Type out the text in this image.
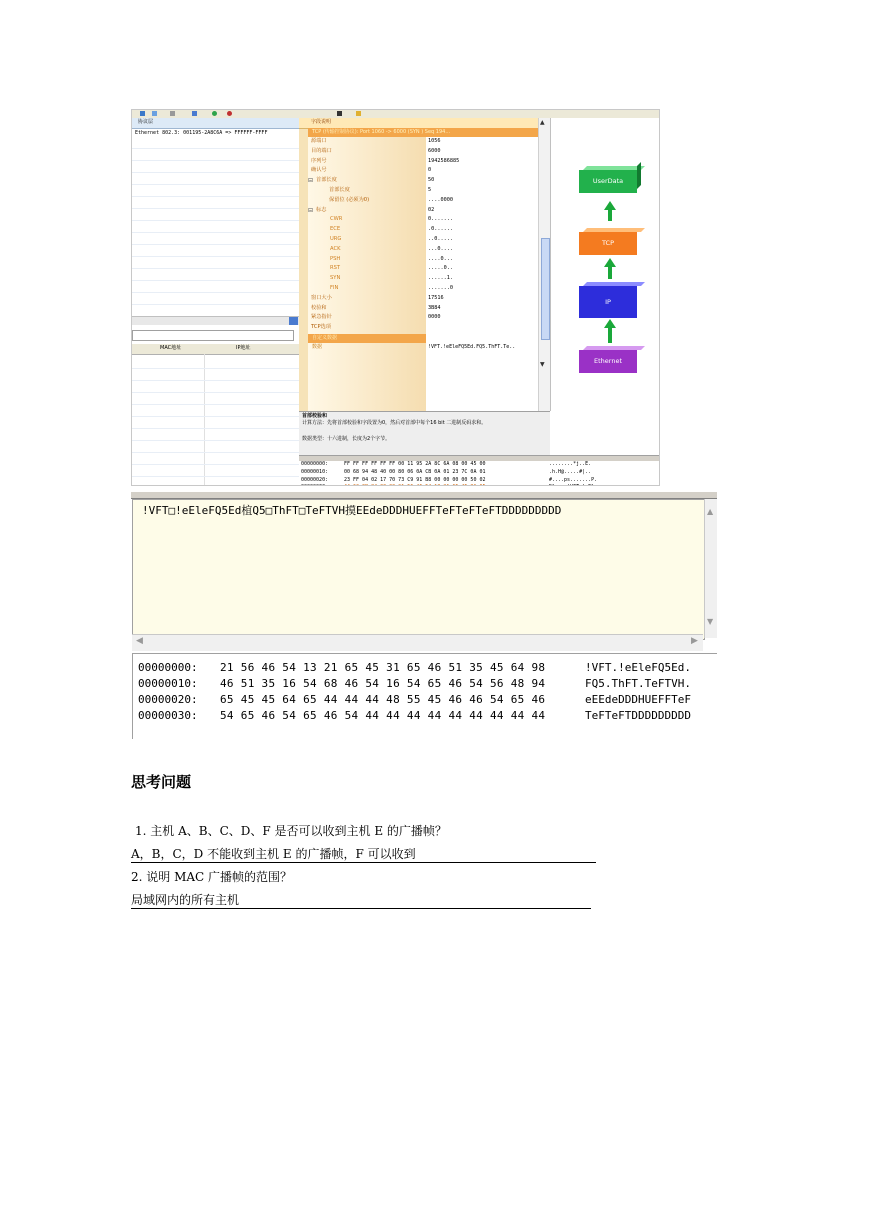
协议层
Ethernet 802.3: 001195-2A8C6A => FFFFFF-FFFF
MAC地址	IP地址
字段说明
TCP (传输控制协议): Port 1060 -> 6000 (SYN ) Seq 194...
源端口	1056
目的端口	6000
序列号	1942586885
确认号	0
⊟ 首部长度	50
首部长度	5
保留位 (必须为0)	....0000
⊟ 标志	02
CWR	0.......
ECE	.0......
URG	..0.....
ACK	...0....
PSH	....0...
RST	.....0..
SYN	......1.
FIN	.......0
窗口大小	17516
校验和	3B84
紧急指针	0000
TCP选项
自定义数据
数据	!VFT.!eEleFQ5Ed.FQ5.ThFT.Te..
▲
▼
首部校验和
计算方法：先将首部校验和字段置为0，然后对首部中每个16 bit 二进制反码求和。
数据类型：十六进制，长度为2个字节。
00000000:	FF FF FF FF FF FF 00 11 95 2A 8C 6A 08 00 45 00	........*j..E.
00000010:	00 68 94 48 40 00 80 06 0A CB 0A 01 23 7C 0A 01	.h.H@.....#|..
00000020:	23 FF 04 02 17 70 73 C9 91 B8 00 00 00 00 50 02	#....ps.......P.
UserData
TCP
IP
Ethernet
!VFT□!eEleFQ5Ed椬Q5□ThFT□TeFTVH摸EEdeDDDHUEFFTeFTeFTeFTDDDDDDDDD	▲
▼
◀	▶
00000000: 21 56 46 54 13 21 65 45 31 65 46 51 35 45 64 98	!VFT.!eEleFQ5Ed.
00000010: 46 51 35 16 54 68 46 54 16 54 65 46 54 56 48 94	FQ5.ThFT.TeFTVH.
00000020: 65 45 45 64 65 44 44 44 48 55 45 46 46 54 65 46	eEEdeDDDHUEFFTeF
00000030: 54 65 46 54 65 46 54 44 44 44 44 44 44 44 44 44	TeFTeFTDDDDDDDDD
思考问题
1. 主机 A、B、C、D、F 是否可以收到主机 E 的广播帧？
A，B，C，D 不能收到主机 E 的广播帧，F 可以收到
2. 说明 MAC 广播帧的范围？
局域网内的所有主机
